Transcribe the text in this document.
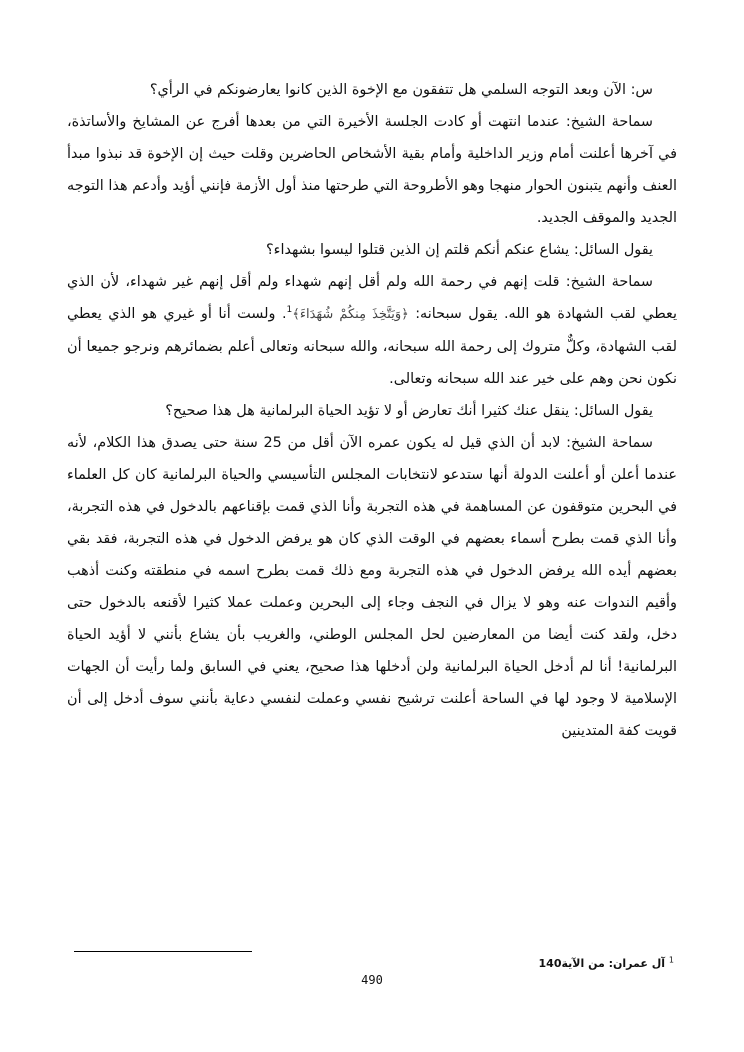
س: الآن وبعد التوجه السلمي هل تتفقون مع الإخوة الذين كانوا يعارضونكم في الرأي؟

سماحة الشيخ: عندما انتهت أو كادت الجلسة الأخيرة التي من بعدها أفرج عن المشايخ والأساتذة، في آخرها أعلنت أمام وزير الداخلية وأمام بقية الأشخاص الحاضرين وقلت حيث إن الإخوة قد نبذوا مبدأ العنف وأنهم يتبنون الحوار منهجا وهو الأطروحة التي طرحتها منذ أول الأزمة فإنني أؤيد وأدعم هذا التوجه الجديد والموقف الجديد.

يقول السائل: يشاع عنكم أنكم قلتم إن الذين قتلوا ليسوا بشهداء؟

سماحة الشيخ: قلت إنهم في رحمة الله ولم أقل إنهم شهداء ولم أقل إنهم غير شهداء، لأن الذي يعطي لقب الشهادة هو الله. يقول سبحانه: ﴿وَيَتَّخِذَ مِنكُمْ شُهَدَاءَ﴾$^1$. ولست أنا أو غيري هو الذي يعطي لقب الشهادة، وكلٌّ متروك إلى رحمة الله سبحانه، والله سبحانه وتعالى أعلم بضمائرهم ونرجو جميعا أن نكون نحن وهم على خير عند الله سبحانه وتعالى.

يقول السائل: ينقل عنك كثيرا أنك تعارض أو لا تؤيد الحياة البرلمانية هل هذا صحيح؟

سماحة الشيخ: لابد أن الذي قيل له يكون عمره الآن أقل من 25 سنة حتى يصدق هذا الكلام، لأنه عندما أعلن أو أعلنت الدولة أنها ستدعو لانتخابات المجلس التأسيسي والحياة البرلمانية كان كل العلماء في البحرين متوقفون عن المساهمة في هذه التجربة وأنا الذي قمت بإقناعهم بالدخول في هذه التجربة، وأنا الذي قمت بطرح أسماء بعضهم في الوقت الذي كان هو يرفض الدخول في هذه التجربة، فقد بقي بعضهم أيده الله يرفض الدخول في هذه التجربة ومع ذلك قمت بطرح اسمه في منطقته وكنت أذهب وأقيم الندوات عنه وهو لا يزال في النجف وجاء إلى البحرين وعملت عملا كثيرا لأقنعه بالدخول حتى دخل، ولقد كنت أيضا من المعارضين لحل المجلس الوطني، والغريب بأن يشاع بأنني لا أؤيد الحياة البرلمانية! أنا لم أدخل الحياة البرلمانية ولن أدخلها هذا صحيح، يعني في السابق ولما رأيت أن الجهات الإسلامية لا وجود لها في الساحة أعلنت ترشيح نفسي وعملت لنفسي دعاية بأنني سوف أدخل إلى أن قويت كفة المتدينين

$^1$ آل عمران: من الآية140
490
